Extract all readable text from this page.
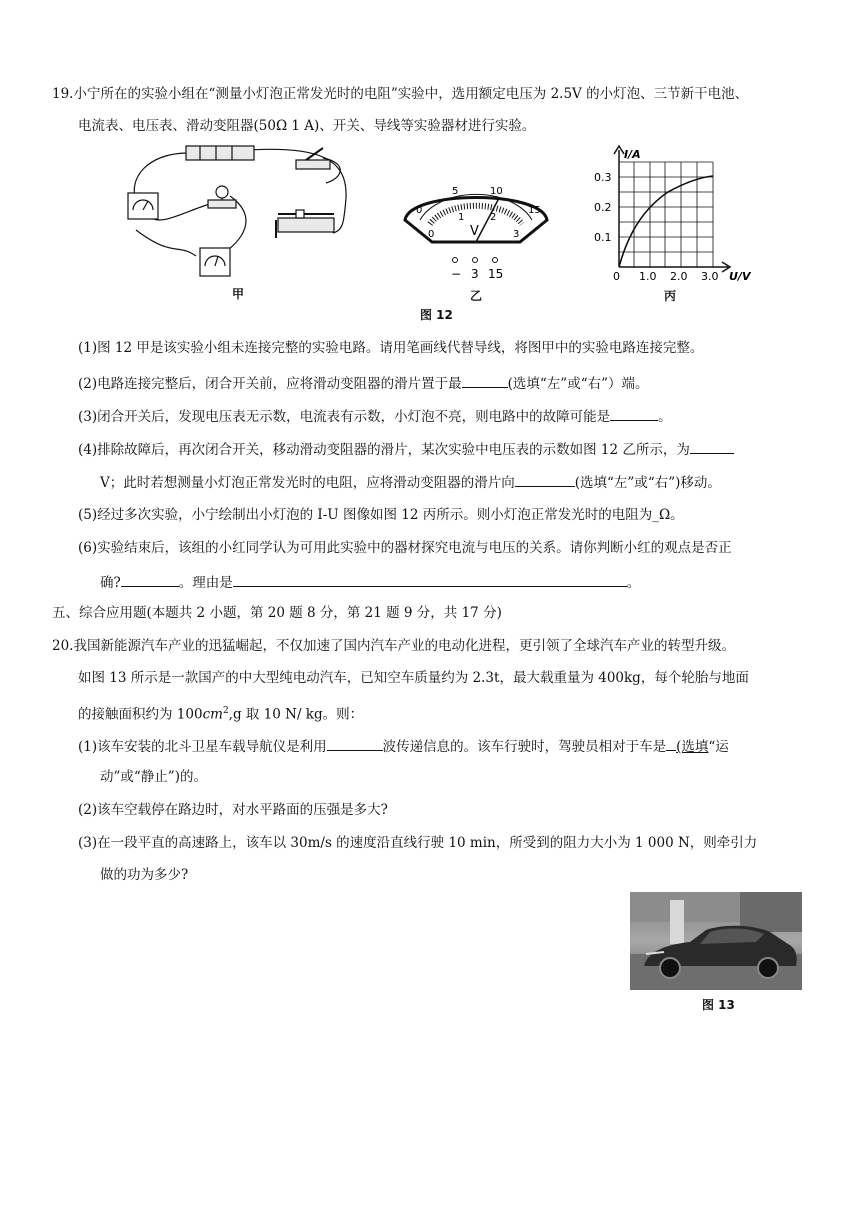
19.小宁所在的实验小组在“测量小灯泡正常发光时的电阻”实验中，选用额定电压为 2.5V 的小灯泡、三节新干电池、
电流表、电压表、滑动变阻器(50Ω 1 A)、开关、导线等实验器材进行实验。
甲
0
5	10
15
0
1	2
3
V
− 3 15
乙
图 12
I/A
0.3
0.2
0.1
0 1.0 2.0 3.0 U/V
丙
(1)图 12 甲是该实验小组未连接完整的实验电路。请用笔画线代替导线，将图甲中的实验电路连接完整。
(2)电路连接完整后，闭合开关前，应将滑动变阻器的滑片置于最	(选填“左”或“右”）端。
(3)闭合开关后，发现电压表无示数，电流表有示数，小灯泡不亮，则电路中的故障可能是	。
(4)排除故障后，再次闭合开关，移动滑动变阻器的滑片，某次实验中电压表的示数如图 12 乙所示，为
V；此时若想测量小灯泡正常发光时的电阻，应将滑动变阻器的滑片向	(选填“左”或“右”)移动。
(5)经过多次实验，小宁绘制出小灯泡的 I-U 图像如图 12 丙所示。则小灯泡正常发光时的电阻为_Ω。
(6)实验结束后，该组的小红同学认为可用此实验中的器材探究电流与电压的关系。请你判断小红的观点是否正
确?	。理由是	。
五、综合应用题(本题共 2 小题，第 20 题 8 分，第 21 题 9 分，共 17 分)
20.我国新能源汽车产业的迅猛崛起，不仅加速了国内汽车产业的电动化进程，更引领了全球汽车产业的转型升级。
如图 13 所示是一款国产的中大型纯电动汽车，已知空车质量约为 2.3t，最大载重量为 400kg，每个轮胎与地面
的接触面积约为 $100cm^2,g$ 取 10 N/ kg。则：
(1)该车安装的北斗卫星车载导航仪是利用	波传递信息的。该车行驶时，驾驶员相对于车是 (选填“运
动”或“静止”)的。
(2)该车空载停在路边时，对水平路面的压强是多大?
(3)在一段平直的高速路上，该车以 30m/s 的速度沿直线行驶 10 min，所受到的阻力大小为 1 000 N，则牵引力
做的功为多少?
图 13
